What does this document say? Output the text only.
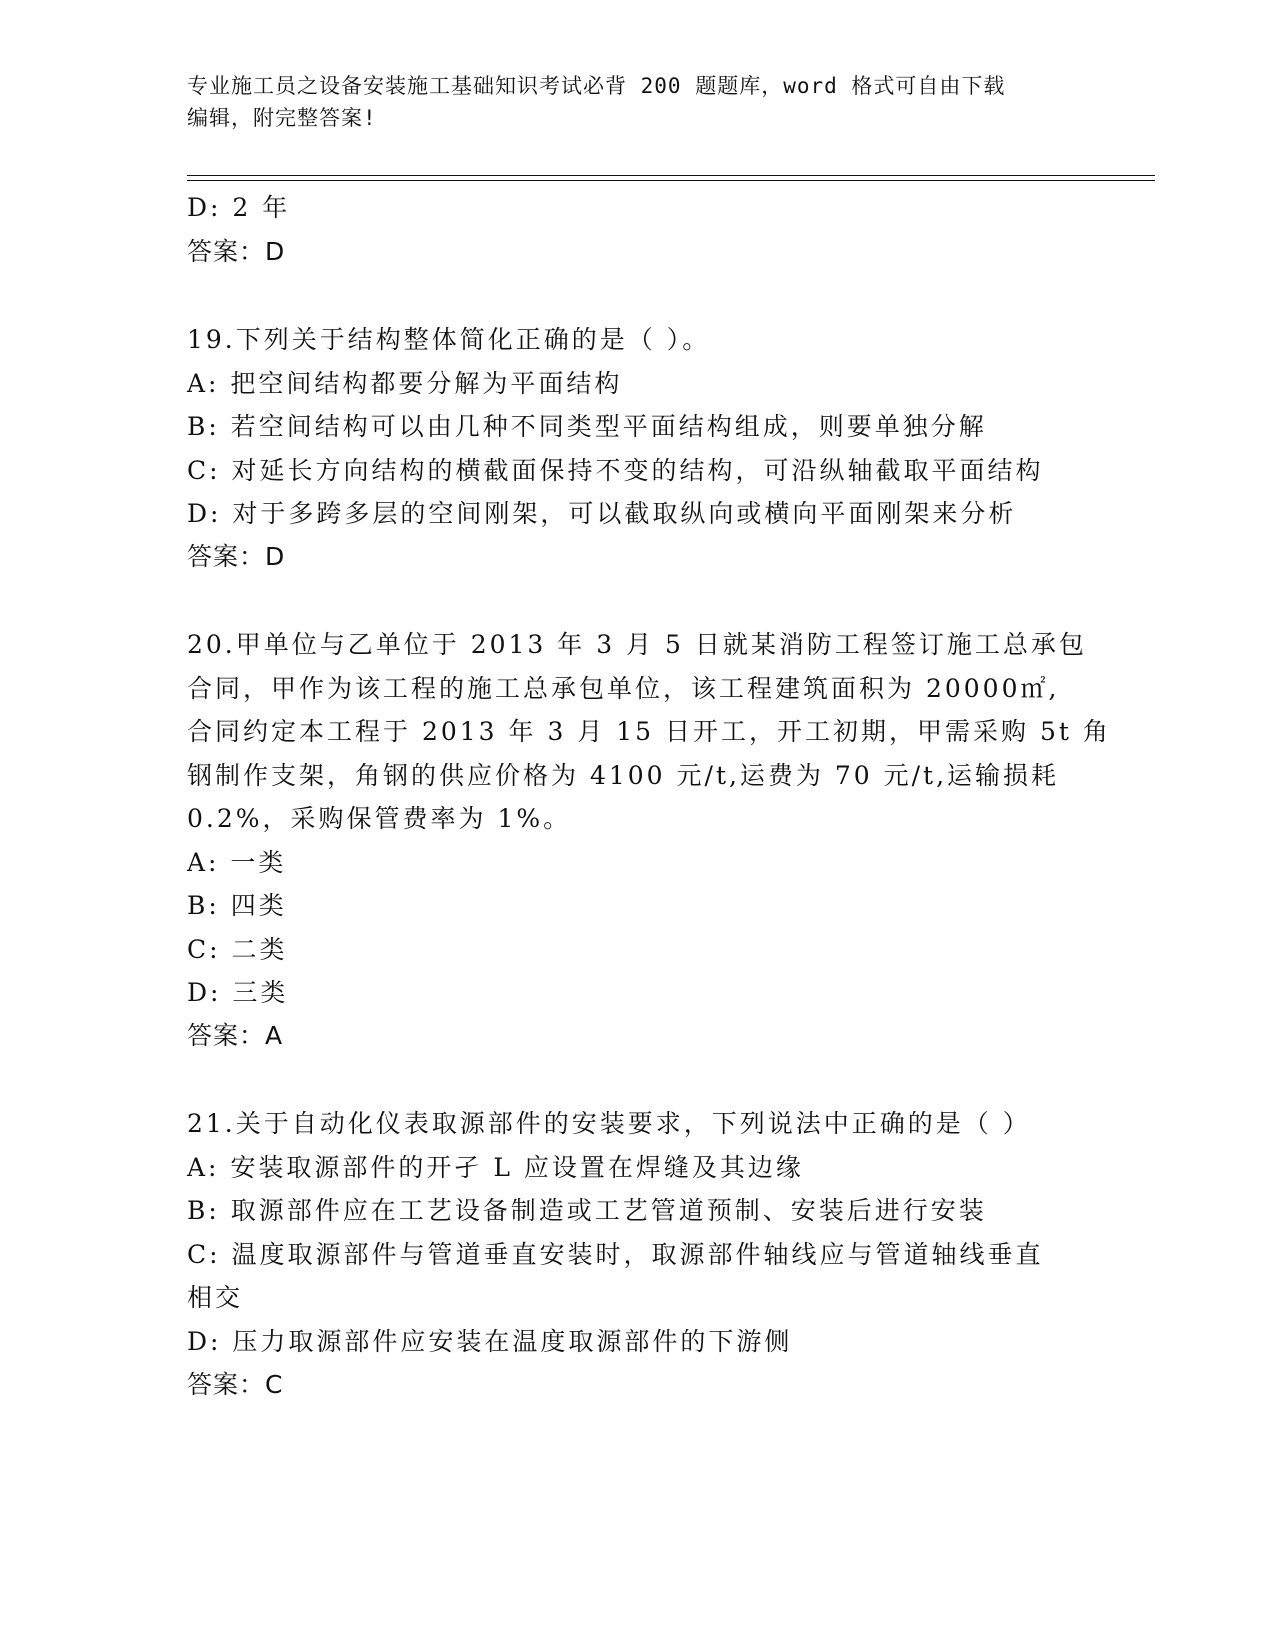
专业施工员之设备安装施工基础知识考试必背 200 题题库，word 格式可自由下载
编辑，附完整答案!
D: 2 年
答案：D
19.下列关于结构整体简化正确的是（ ）。
A: 把空间结构都要分解为平面结构
B: 若空间结构可以由几种不同类型平面结构组成，则要单独分解
C: 对延长方向结构的横截面保持不变的结构，可沿纵轴截取平面结构
D: 对于多跨多层的空间刚架，可以截取纵向或横向平面刚架来分析
答案：D
20.甲单位与乙单位于 2013 年 3 月 5 日就某消防工程签订施工总承包
合同，甲作为该工程的施工总承包单位，该工程建筑面积为 20000㎡,
合同约定本工程于 2013 年 3 月 15 日开工，开工初期，甲需采购 5t 角
钢制作支架，角钢的供应价格为 4100 元/t,运费为 70 元/t,运输损耗
0.2%，采购保管费率为 1%。
A: 一类
B: 四类
C: 二类
D: 三类
答案：A
21.关于自动化仪表取源部件的安装要求，下列说法中正确的是（ ）
A: 安装取源部件的开孑 L 应设置在焊缝及其边缘
B: 取源部件应在工艺设备制造或工艺管道预制、安装后进行安装
C: 温度取源部件与管道垂直安装时，取源部件轴线应与管道轴线垂直
相交
D: 压力取源部件应安装在温度取源部件的下游侧
答案：C
